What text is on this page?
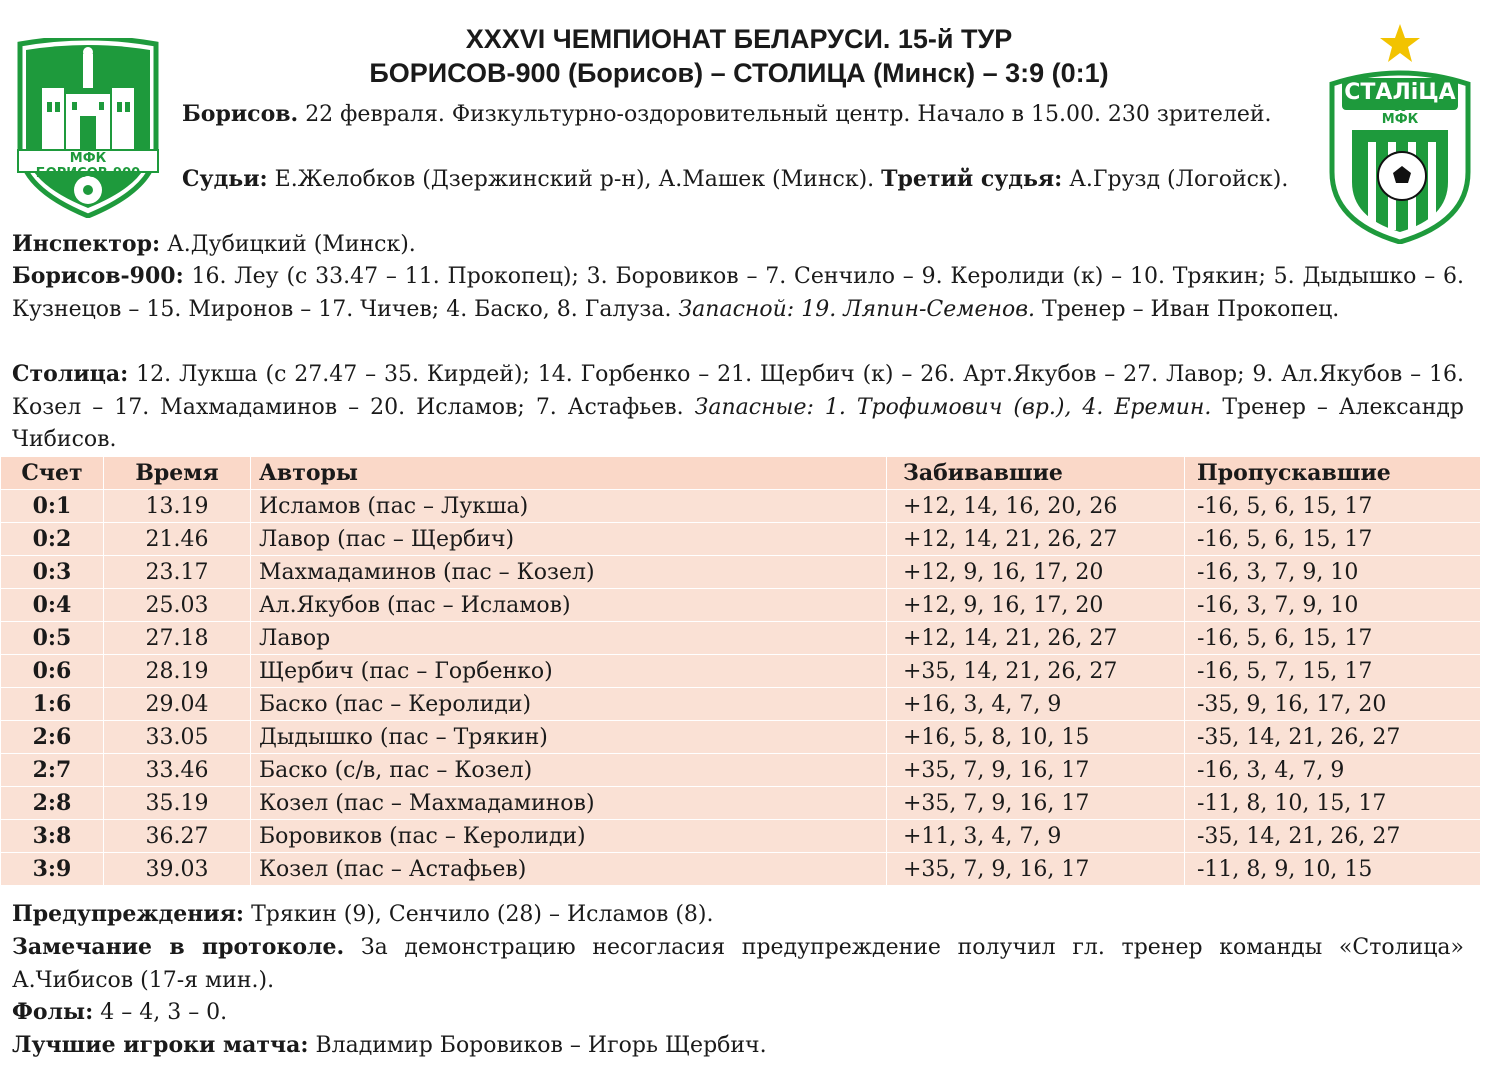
МФК БОРИСОВ-900
СТАЛіЦА
SC
МФК
XXXVI ЧЕМПИОНАТ БЕЛАРУСИ. 15-й ТУР
БОРИСОВ-900 (Борисов) – СТОЛИЦА (Минск) – 3:9 (0:1)
Борисов. 22 февраля. Физкультурно-оздоровительный центр. Начало в 15.00. 230 зрителей.
Судьи: Е.Желобков (Дзержинский р-н), А.Машек (Минск). Третий судья: А.Грузд (Логойск).
Инспектор: А.Дубицкий (Минск).
Борисов-900: 16. Леу (с 33.47 – 11. Прокопец); 3. Боровиков – 7. Сенчило – 9. Керолиди (к) – 10. Трякин; 5. Дыдышко – 6. Кузнецов – 15. Миронов – 17. Чичев; 4. Баско, 8. Галуза. Запасной: 19. Ляпин-Семенов. Тренер – Иван Прокопец.
Столица: 12. Лукша (с 27.47 – 35. Кирдей); 14. Горбенко – 21. Щербич (к) – 26. Арт.Якубов – 27. Лавор; 9. Ал.Якубов – 16. Козел – 17. Махмадаминов – 20. Исламов; 7. Астафьев. Запасные: 1. Трофимович (вр.), 4. Еремин. Тренер – Александр Чибисов.
Счет	Время	Авторы	Забивавшие	Пропускавшие
0:1	13.19	Исламов (пас – Лукша)	+12, 14, 16, 20, 26	-16, 5, 6, 15, 17
0:2	21.46	Лавор (пас – Щербич)	+12, 14, 21, 26, 27	-16, 5, 6, 15, 17
0:3	23.17	Махмадаминов (пас – Козел)	+12, 9, 16, 17, 20	-16, 3, 7, 9, 10
0:4	25.03	Ал.Якубов (пас – Исламов)	+12, 9, 16, 17, 20	-16, 3, 7, 9, 10
0:5	27.18	Лавор	+12, 14, 21, 26, 27	-16, 5, 6, 15, 17
0:6	28.19	Щербич (пас – Горбенко)	+35, 14, 21, 26, 27	-16, 5, 7, 15, 17
1:6	29.04	Баско (пас – Керолиди)	+16, 3, 4, 7, 9	-35, 9, 16, 17, 20
2:6	33.05	Дыдышко (пас – Трякин)	+16, 5, 8, 10, 15	-35, 14, 21, 26, 27
2:7	33.46	Баско (с/в, пас – Козел)	+35, 7, 9, 16, 17	-16, 3, 4, 7, 9
2:8	35.19	Козел (пас – Махмадаминов)	+35, 7, 9, 16, 17	-11, 8, 10, 15, 17
3:8	36.27	Боровиков (пас – Керолиди)	+11, 3, 4, 7, 9	-35, 14, 21, 26, 27
3:9	39.03	Козел (пас – Астафьев)	+35, 7, 9, 16, 17	-11, 8, 9, 10, 15
Предупреждения: Трякин (9), Сенчило (28) – Исламов (8).
Замечание в протоколе. За демонстрацию несогласия предупреждение получил гл. тренер команды «Столица» А.Чибисов (17-я мин.).
Фолы: 4 – 4, 3 – 0.
Лучшие игроки матча: Владимир Боровиков – Игорь Щербич.
